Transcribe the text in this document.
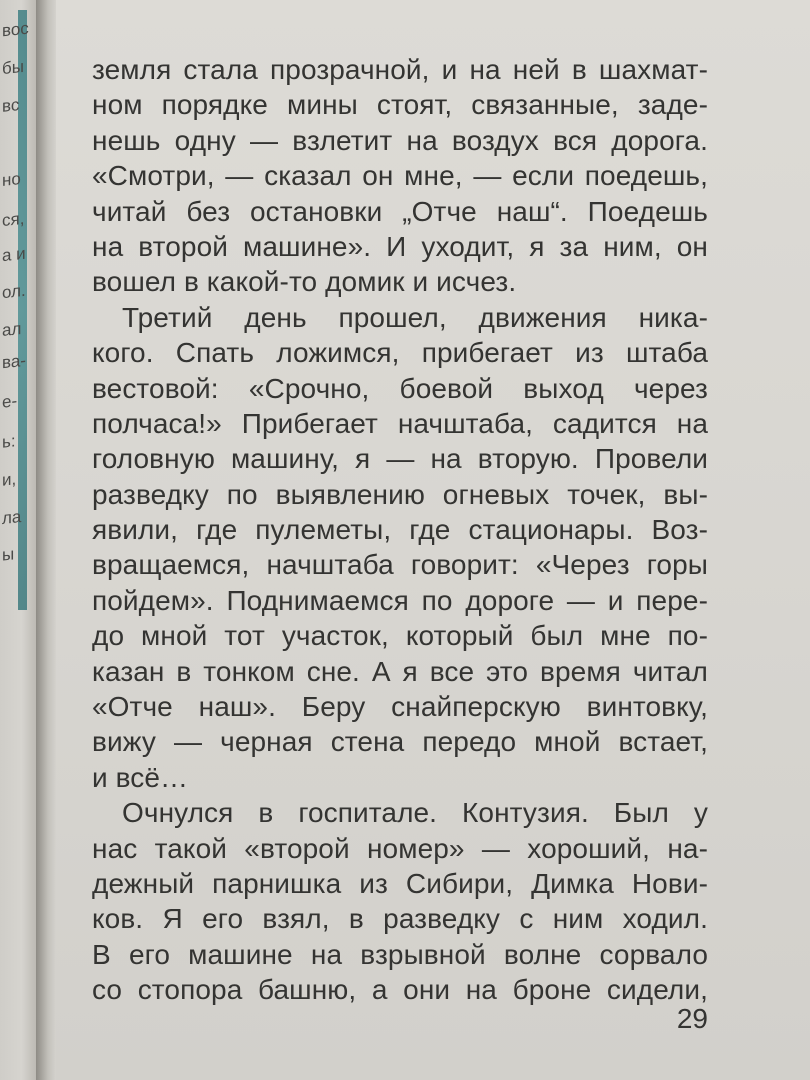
вос
бы
вс
но
ся,
а и
ол.
ал
ва-
е-
ь:
и,
ла
ы
земля стала прозрачной, и на ней в шахмат-
ном порядке мины стоят, связанные, заде-
нешь одну — взлетит на воздух вся дорога.
«Смотри, — сказал он мне, — если поедешь,
читай без остановки „Отче наш“. Поедешь
на второй машине». И уходит, я за ним, он
вошел в какой-то домик и исчез.
Третий день прошел, движения ника-
кого. Спать ложимся, прибегает из штаба
вестовой: «Срочно, боевой выход через
полчаса!» Прибегает начштаба, садится на
головную машину, я — на вторую. Провели
разведку по выявлению огневых точек, вы-
явили, где пулеметы, где стационары. Воз-
вращаемся, начштаба говорит: «Через горы
пойдем». Поднимаемся по дороге — и пере-
до мной тот участок, который был мне по-
казан в тонком сне. А я все это время читал
«Отче наш». Беру снайперскую винтовку,
вижу — черная стена передо мной встает,
и всё…
Очнулся в госпитале. Контузия. Был у
нас такой «второй номер» — хороший, на-
дежный парнишка из Сибири, Димка Нови-
ков. Я его взял, в разведку с ним ходил.
В его машине на взрывной волне сорвало
со стопора башню, а они на броне сидели,
29
